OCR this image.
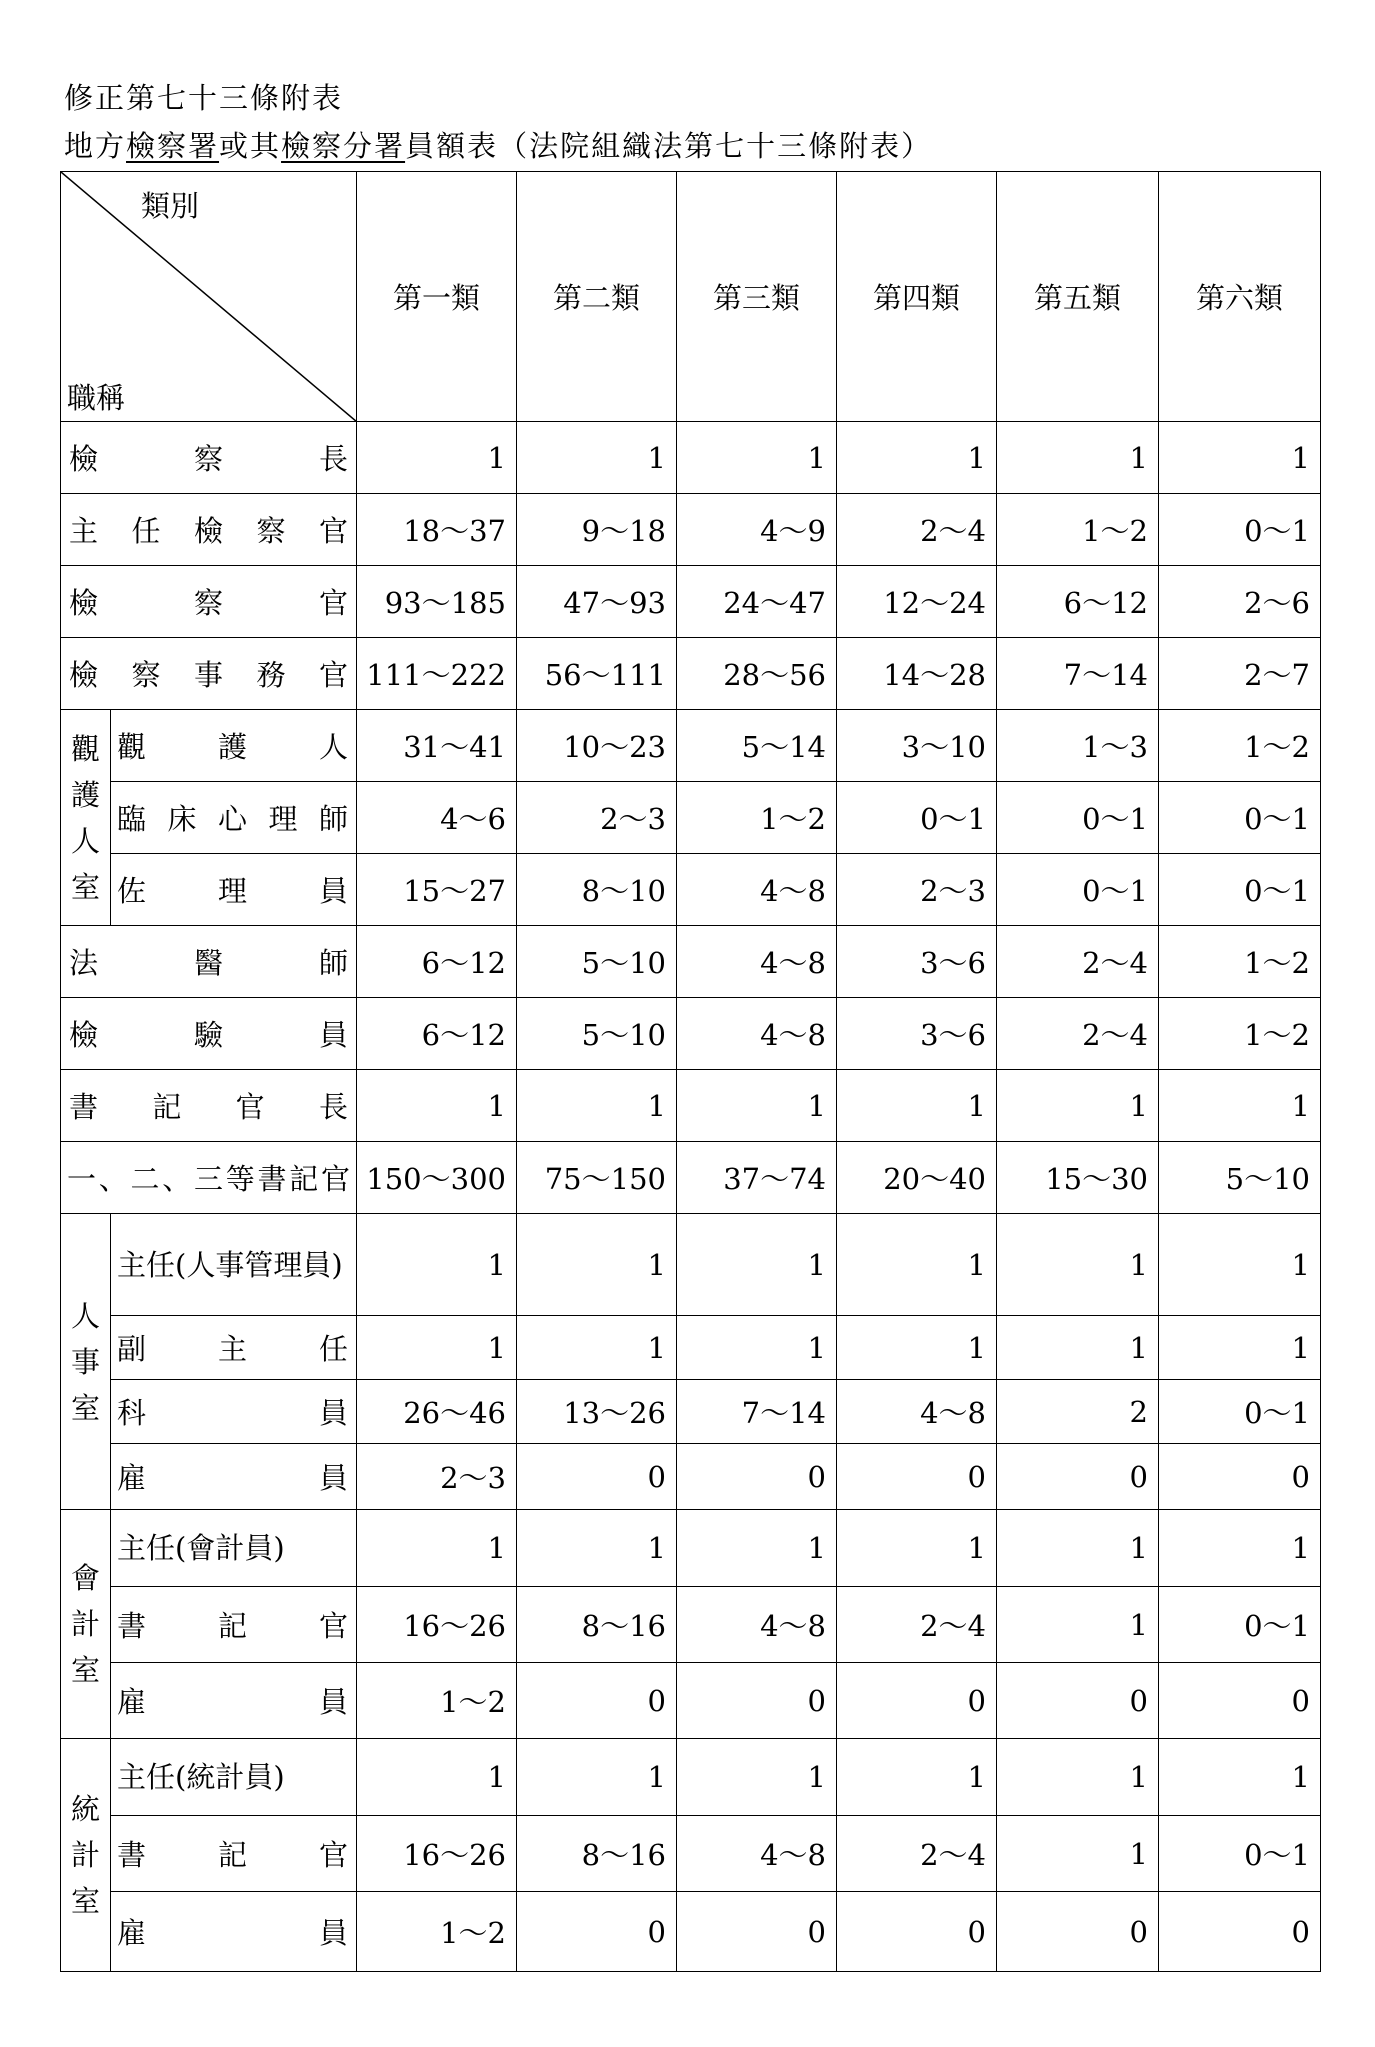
修正第七十三條附表
地方檢察署或其檢察分署員額表（法院組織法第七十三條附表）
類別
職稱		第一類	第二類	第三類	第四類	第五類	第六類
檢察長		1	1	1	1	1	1
主任檢察官		18～37	9～18	4～9	2～4	1～2	0～1
檢察官		93～185	47～93	24～47	12～24	6～12	2～6
檢察事務官		111～222	56～111	28～56	14～28	7～14	2～7
觀護人室	觀護人	31～41	10～23	5～14	3～10	1～3	1～2
	臨床心理師	4～6	2～3	1～2	0～1	0～1	0～1
	佐理員	15～27	8～10	4～8	2～3	0～1	0～1
法醫師		6～12	5～10	4～8	3～6	2～4	1～2
檢驗員		6～12	5～10	4～8	3～6	2～4	1～2
書記官長		1	1	1	1	1	1
一、二、三等書記官		150～300	75～150	37～74	20～40	15～30	5～10
人事室	主任(人事管理員)	1	1	1	1	1	1
	副主任	1	1	1	1	1	1
	科員	26～46	13～26	7～14	4～8	2	0～1
	雇員	2～3	0	0	0	0	0
會計室	主任(會計員)	1	1	1	1	1	1
	書記官	16～26	8～16	4～8	2～4	1	0～1
	雇員	1～2	0	0	0	0	0
統計室	主任(統計員)	1	1	1	1	1	1
	書記官	16～26	8～16	4～8	2～4	1	0～1
	雇員	1～2	0	0	0	0	0
